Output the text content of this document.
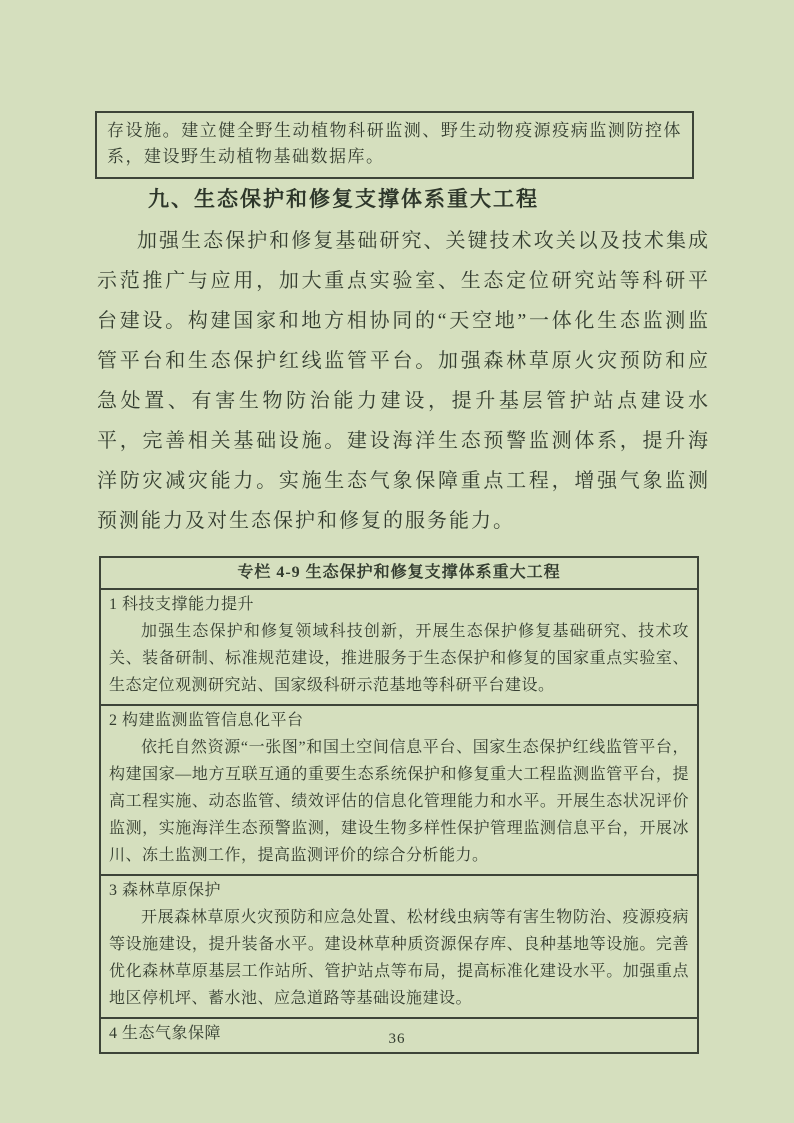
存设施。建立健全野生动植物科研监测、野生动物疫源疫病监测防控体系，建设野生动植物基础数据库。
九、生态保护和修复支撑体系重大工程

加强生态保护和修复基础研究、关键技术攻关以及技术集成示范推广与应用，加大重点实验室、生态定位研究站等科研平台建设。构建国家和地方相协同的“天空地”一体化生态监测监管平台和生态保护红线监管平台。加强森林草原火灾预防和应急处置、有害生物防治能力建设，提升基层管护站点建设水平，完善相关基础设施。建设海洋生态预警监测体系，提升海洋防灾减灾能力。实施生态气象保障重点工程，增强气象监测预测能力及对生态保护和修复的服务能力。

专栏 4-9 生态保护和修复支撑体系重大工程

1 科技支撑能力提升

加强生态保护和修复领域科技创新，开展生态保护修复基础研究、技术攻关、装备研制、标准规范建设，推进服务于生态保护和修复的国家重点实验室、生态定位观测研究站、国家级科研示范基地等科研平台建设。

2 构建监测监管信息化平台

依托自然资源“一张图”和国土空间信息平台、国家生态保护红线监管平台，构建国家—地方互联互通的重要生态系统保护和修复重大工程监测监管平台，提高工程实施、动态监管、绩效评估的信息化管理能力和水平。开展生态状况评价监测，实施海洋生态预警监测，建设生物多样性保护管理监测信息平台，开展冰川、冻土监测工作，提高监测评价的综合分析能力。

3 森林草原保护

开展森林草原火灾预防和应急处置、松材线虫病等有害生物防治、疫源疫病等设施建设，提升装备水平。建设林草种质资源保存库、良种基地等设施。完善优化森林草原基层工作站所、管护站点等布局，提高标准化建设水平。加强重点地区停机坪、蓄水池、应急道路等基础设施建设。

4 生态气象保障	36
